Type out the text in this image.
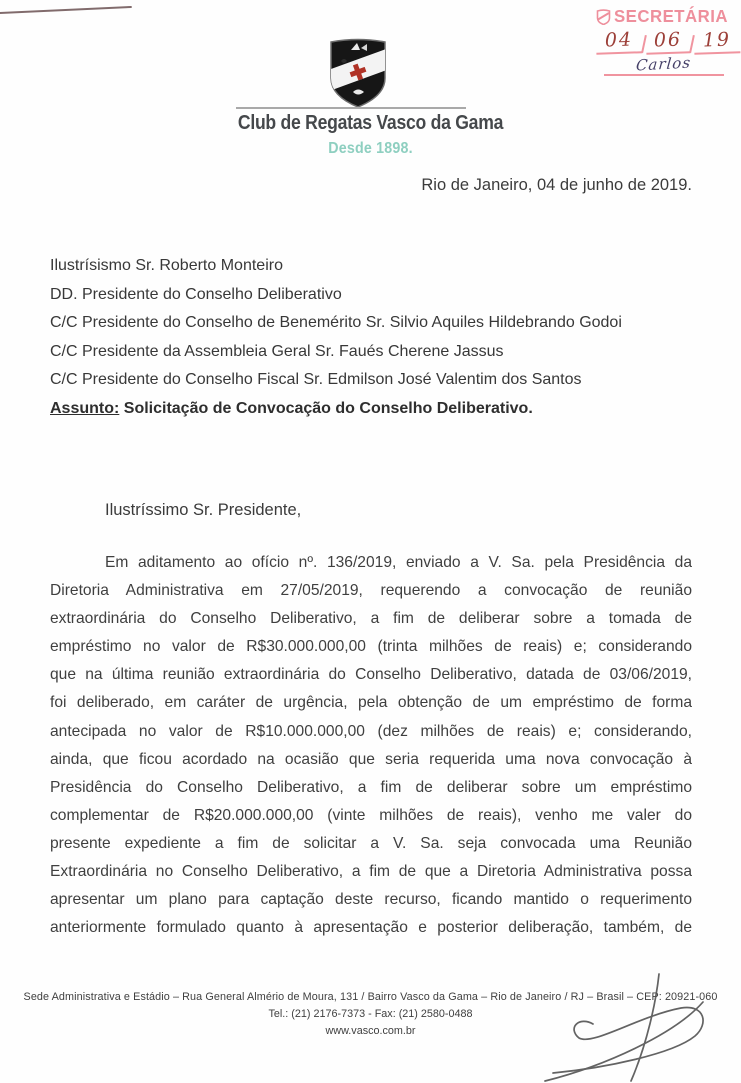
SECRETÁRIA
04	06	19
Carlos
Club de Regatas Vasco da Gama
Desde 1898.
Rio de Janeiro, 04 de junho de 2019.
Ilustrísismo Sr. Roberto Monteiro
DD. Presidente do Conselho Deliberativo
C/C Presidente do Conselho de Benemérito Sr. Silvio Aquiles Hildebrando Godoi
C/C Presidente da Assembleia Geral Sr. Faués Cherene Jassus
C/C Presidente do Conselho Fiscal Sr. Edmilson José Valentim dos Santos
Assunto: Solicitação de Convocação do Conselho Deliberativo.
Ilustríssimo Sr. Presidente,
Em aditamento ao ofício nº. 136/2019, enviado a V. Sa. pela Presidência da
Diretoria Administrativa em 27/05/2019, requerendo a convocação de reunião
extraordinária do Conselho Deliberativo, a fim de deliberar sobre a tomada de
empréstimo no valor de R$30.000.000,00 (trinta milhões de reais) e; considerando
que na última reunião extraordinária do Conselho Deliberativo, datada de 03/06/2019,
foi deliberado, em caráter de urgência, pela obtenção de um empréstimo de forma
antecipada no valor de R$10.000.000,00 (dez milhões de reais) e; considerando,
ainda, que ficou acordado na ocasião que seria requerida uma nova convocação à
Presidência do Conselho Deliberativo, a fim de deliberar sobre um empréstimo
complementar de R$20.000.000,00 (vinte milhões de reais), venho me valer do
presente expediente a fim de solicitar a V. Sa. seja convocada uma Reunião
Extraordinária no Conselho Deliberativo, a fim de que a Diretoria Administrativa possa
apresentar um plano para captação deste recurso, ficando mantido o requerimento
anteriormente formulado quanto à apresentação e posterior deliberação, também, de
Sede Administrativa e Estádio – Rua General Almério de Moura, 131 / Bairro Vasco da Gama – Rio de Janeiro / RJ – Brasil – CEP: 20921-060
Tel.: (21) 2176-7373 - Fax: (21) 2580-0488
www.vasco.com.br
